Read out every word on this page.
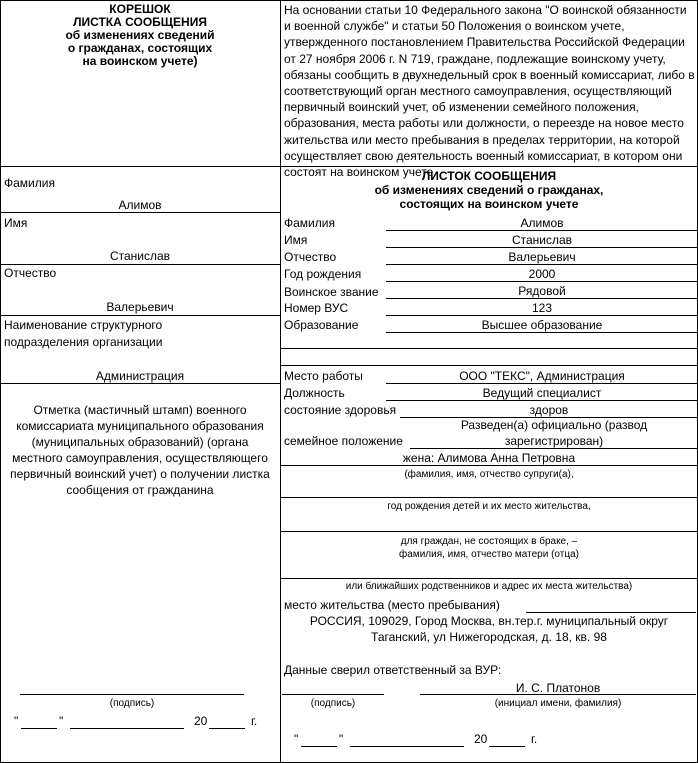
КОРЕШОК
ЛИСТКА СООБЩЕНИЯ
об изменениях сведений
о гражданах, состоящих
на воинском учете)
На основании статьи 10 Федерального закона "О воинской обязанности и военной службе" и статьи 50 Положения о воинском учете, утвержденного постановлением Правительства Российской Федерации от 27 ноября 2006 г. N 719, граждане, подлежащие воинскому учету, обязаны сообщить в двухнедельный срок в военный комиссариат, либо в соответствующий орган местного самоуправления, осуществляющий первичный воинский учет, об изменении семейного положения, образования, места работы или должности, о переезде на новое место жительства или место пребывания в пределах территории, на которой осуществляет свою деятельность военный комиссариат, в котором они состоят на воинском учете.
Фамилия
Алимов
Имя
Станислав
Отчество
Валерьевич
Наименование структурного
подразделения организации
Администрация
Отметка (мастичный штамп) военного комиссариата муниципального образования (муниципальных образований) (органа местного самоуправления, осуществляющего первичный воинский учет) о получении листка сообщения от гражданина
(подпись)
"	"	20	г.
ЛИСТОК СООБЩЕНИЯ
об изменениях сведений о гражданах,
состоящих на воинском учете
Фамилия	Алимов
Имя	Станислав
Отчество	Валерьевич
Год рождения	2000
Воинское звание	Рядовой
Номер ВУС	123
Образование	Высшее образование
Место работы	ООО "ТЕКС", Администрация
Должность	Ведущий специалист
состояние здоровья	здоров
семейное положение
Разведен(а) официально (развод
зарегистрирован)
жена: Алимова Анна Петровна
(фамилия, имя, отчество супруги(а),
год рождения детей и их место жительства,
для граждан, не состоящих в браке, –
фамилия, имя, отчество матери (отца)
или ближайших родственников и адрес их места жительства)
место жительства (место пребывания)
РОССИЯ, 109029, Город Москва, вн.тер.г. муниципальный округ
Таганский, ул Нижегородская, д. 18, кв. 98
Данные сверил ответственный за ВУР:
И. С. Платонов
(подпись)	(инициал имени, фамилия)
"	"	20	г.
